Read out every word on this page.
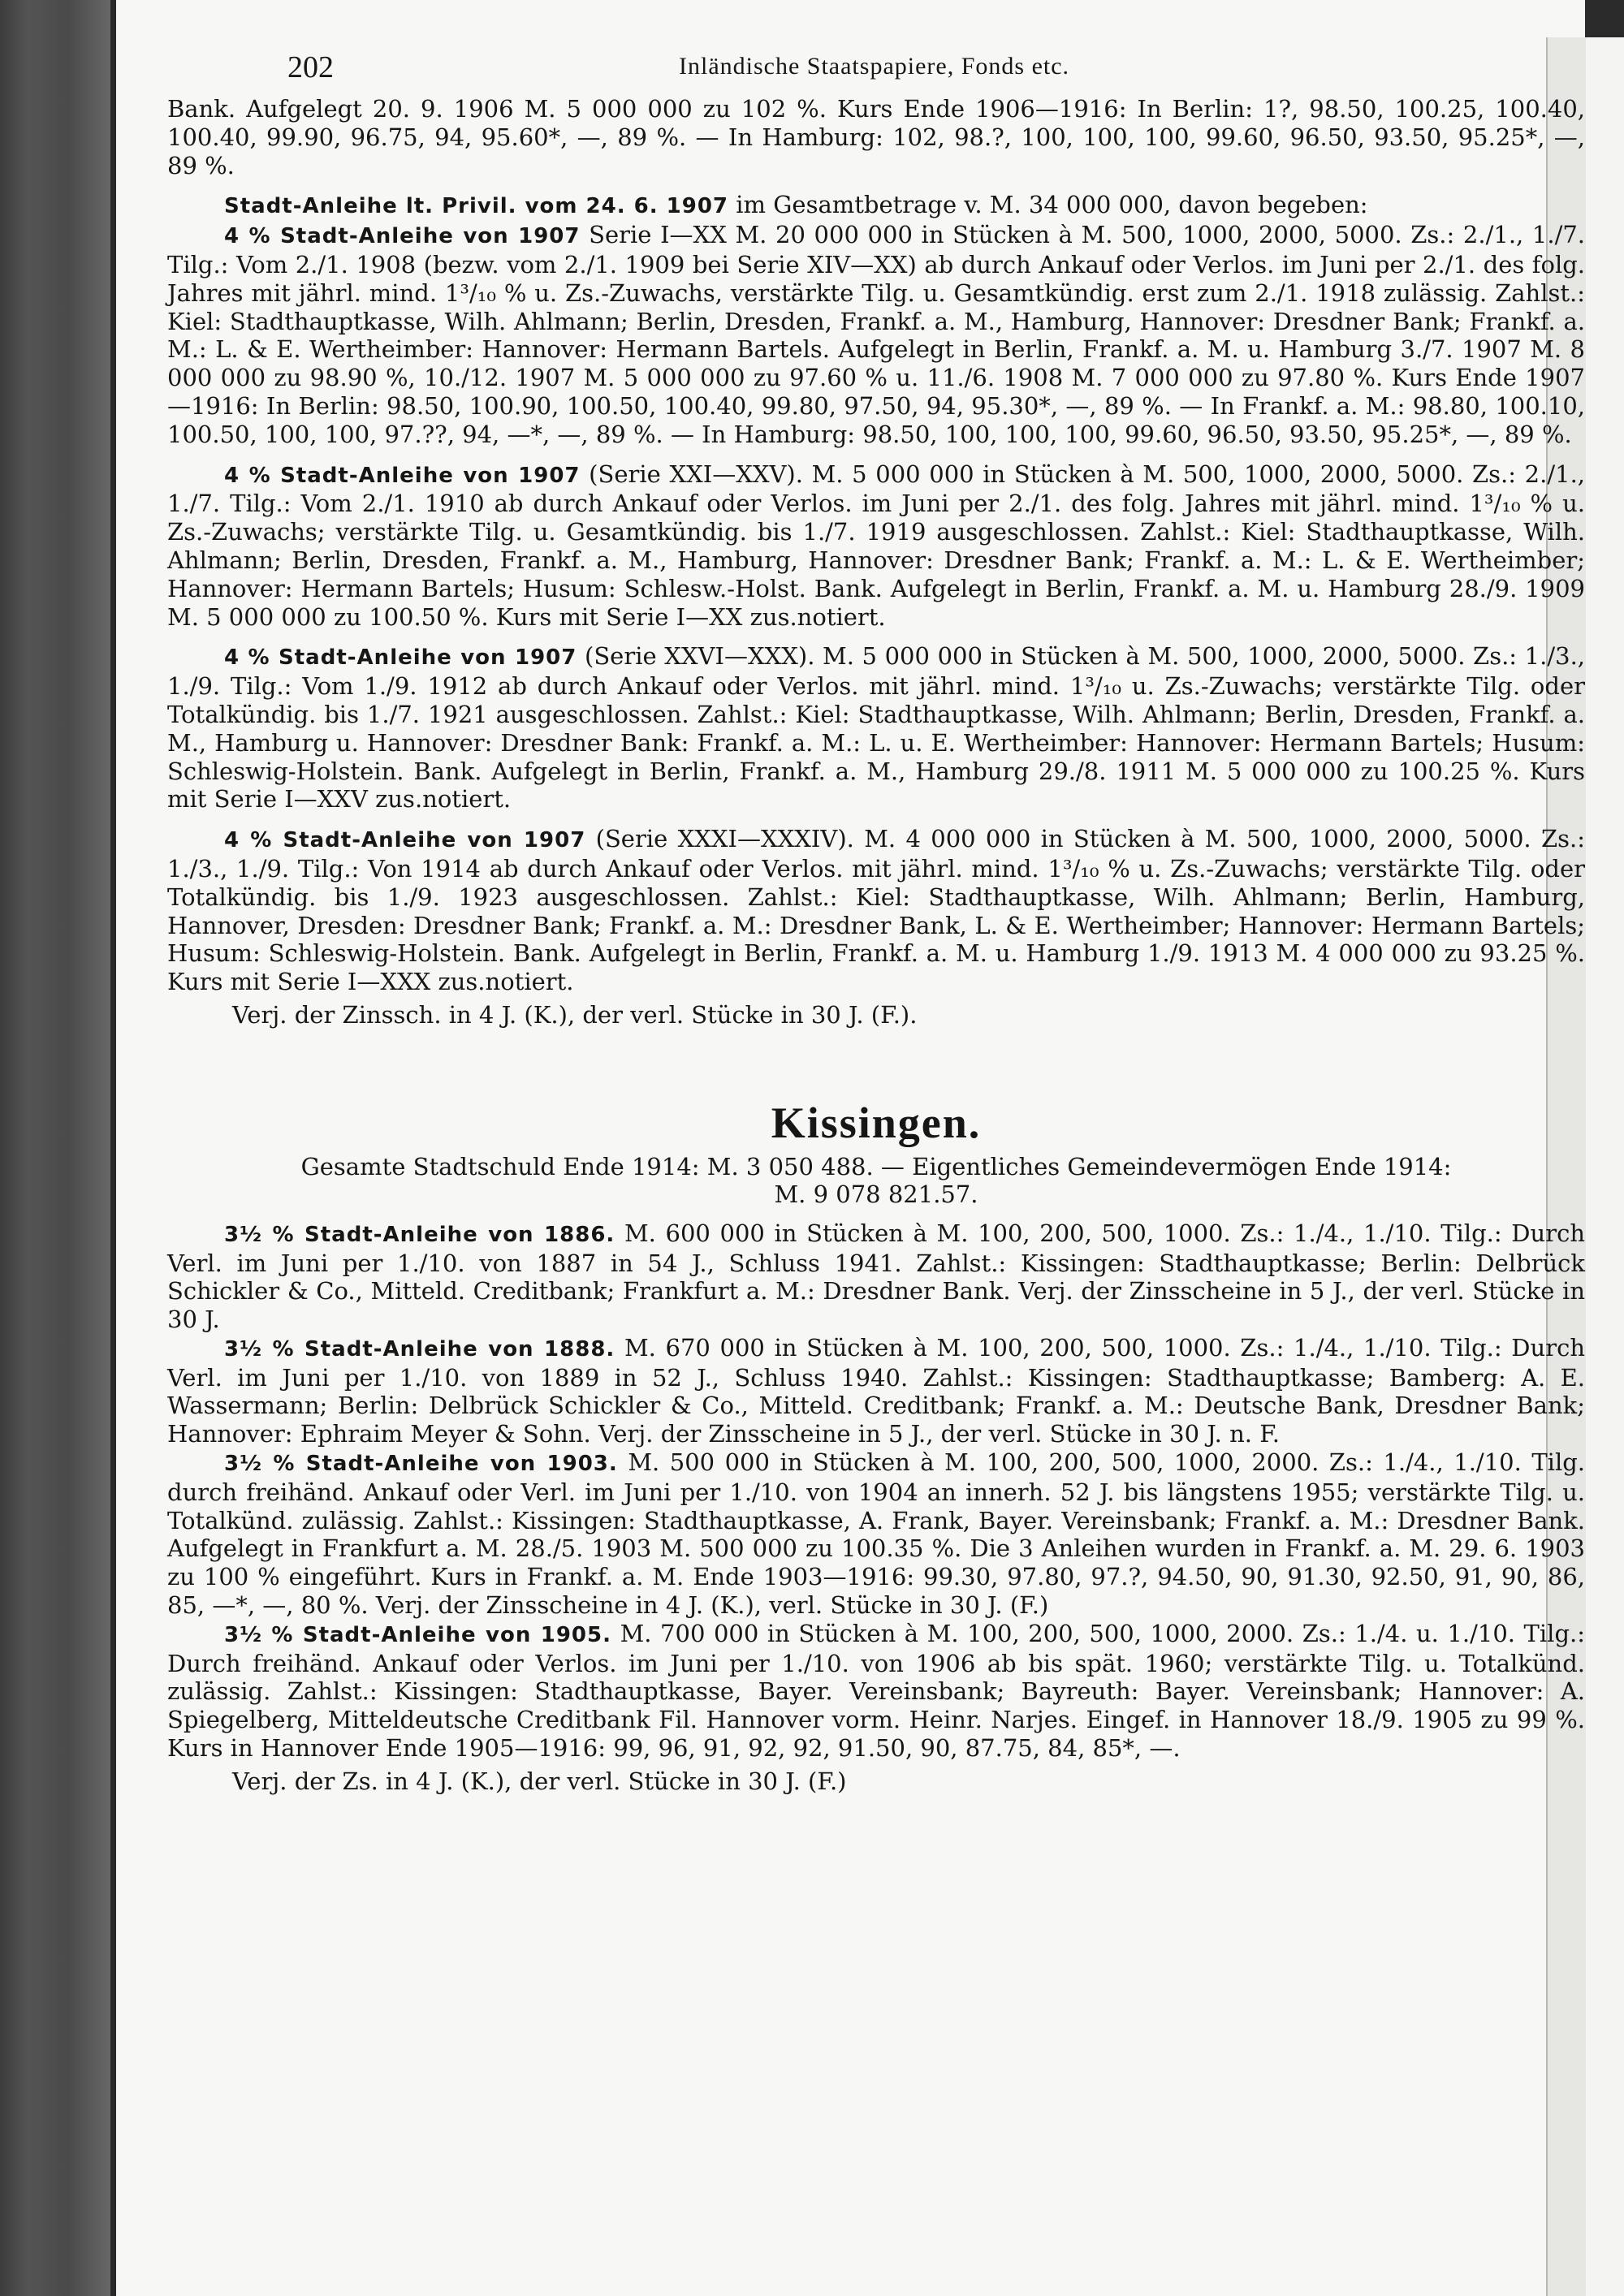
202	Inländische Staatspapiere, Fonds etc.

Bank. Aufgelegt 20. 9. 1906 M. 5 000 000 zu 102 %. Kurs Ende 1906—1916: In Berlin: 1?, 98.50, 100.25, 100.40, 100.40, 99.90, 96.75, 94, 95.60*, —, 89 %. — In Hamburg: 102, 98.?, 100, 100, 100, 99.60, 96.50, 93.50, 95.25*, —, 89 %.

Stadt-Anleihe lt. Privil. vom 24. 6. 1907 im Gesamtbetrage v. M. 34 000 000, davon begeben:

4 % Stadt-Anleihe von 1907 Serie I—XX M. 20 000 000 in Stücken à M. 500, 1000, 2000, 5000. Zs.: 2./1., 1./7. Tilg.: Vom 2./1. 1908 (bezw. vom 2./1. 1909 bei Serie XIV—XX) ab durch Ankauf oder Verlos. im Juni per 2./1. des folg. Jahres mit jährl. mind. 1³/₁₀ % u. Zs.-Zuwachs, verstärkte Tilg. u. Gesamtkündig. erst zum 2./1. 1918 zulässig. Zahlst.: Kiel: Stadthauptkasse, Wilh. Ahlmann; Berlin, Dresden, Frankf. a. M., Hamburg, Hannover: Dresdner Bank; Frankf. a. M.: L. & E. Wertheimber: Hannover: Hermann Bartels. Aufgelegt in Berlin, Frankf. a. M. u. Hamburg 3./7. 1907 M. 8 000 000 zu 98.90 %, 10./12. 1907 M. 5 000 000 zu 97.60 % u. 11./6. 1908 M. 7 000 000 zu 97.80 %. Kurs Ende 1907—1916: In Berlin: 98.50, 100.90, 100.50, 100.40, 99.80, 97.50, 94, 95.30*, —, 89 %. — In Frankf. a. M.: 98.80, 100.10, 100.50, 100, 100, 97.??, 94, —*, —, 89 %. — In Hamburg: 98.50, 100, 100, 100, 99.60, 96.50, 93.50, 95.25*, —, 89 %.

4 % Stadt-Anleihe von 1907 (Serie XXI—XXV). M. 5 000 000 in Stücken à M. 500, 1000, 2000, 5000. Zs.: 2./1., 1./7. Tilg.: Vom 2./1. 1910 ab durch Ankauf oder Verlos. im Juni per 2./1. des folg. Jahres mit jährl. mind. 1³/₁₀ % u. Zs.-Zuwachs; verstärkte Tilg. u. Gesamtkündig. bis 1./7. 1919 ausgeschlossen. Zahlst.: Kiel: Stadthauptkasse, Wilh. Ahlmann; Berlin, Dresden, Frankf. a. M., Hamburg, Hannover: Dresdner Bank; Frankf. a. M.: L. & E. Wertheimber; Hannover: Hermann Bartels; Husum: Schlesw.-Holst. Bank. Aufgelegt in Berlin, Frankf. a. M. u. Hamburg 28./9. 1909 M. 5 000 000 zu 100.50 %. Kurs mit Serie I—XX zus.notiert.

4 % Stadt-Anleihe von 1907 (Serie XXVI—XXX). M. 5 000 000 in Stücken à M. 500, 1000, 2000, 5000. Zs.: 1./3., 1./9. Tilg.: Vom 1./9. 1912 ab durch Ankauf oder Verlos. mit jährl. mind. 1³/₁₀ u. Zs.-Zuwachs; verstärkte Tilg. oder Totalkündig. bis 1./7. 1921 ausgeschlossen. Zahlst.: Kiel: Stadthauptkasse, Wilh. Ahlmann; Berlin, Dresden, Frankf. a. M., Hamburg u. Hannover: Dresdner Bank: Frankf. a. M.: L. u. E. Wertheimber: Hannover: Hermann Bartels; Husum: Schleswig-Holstein. Bank. Aufgelegt in Berlin, Frankf. a. M., Hamburg 29./8. 1911 M. 5 000 000 zu 100.25 %. Kurs mit Serie I—XXV zus.notiert.

4 % Stadt-Anleihe von 1907 (Serie XXXI—XXXIV). M. 4 000 000 in Stücken à M. 500, 1000, 2000, 5000. Zs.: 1./3., 1./9. Tilg.: Von 1914 ab durch Ankauf oder Verlos. mit jährl. mind. 1³/₁₀ % u. Zs.-Zuwachs; verstärkte Tilg. oder Totalkündig. bis 1./9. 1923 ausgeschlossen. Zahlst.: Kiel: Stadthauptkasse, Wilh. Ahlmann; Berlin, Hamburg, Hannover, Dresden: Dresdner Bank; Frankf. a. M.: Dresdner Bank, L. & E. Wertheimber; Hannover: Hermann Bartels; Husum: Schleswig-Holstein. Bank. Aufgelegt in Berlin, Frankf. a. M. u. Hamburg 1./9. 1913 M. 4 000 000 zu 93.25 %. Kurs mit Serie I—XXX zus.notiert.

Verj. der Zinssch. in 4 J. (K.), der verl. Stücke in 30 J. (F.).

Kissingen.

Gesamte Stadtschuld Ende 1914: M. 3 050 488. — Eigentliches Gemeindevermögen Ende 1914:

M. 9 078 821.57.

3½ % Stadt-Anleihe von 1886. M. 600 000 in Stücken à M. 100, 200, 500, 1000. Zs.: 1./4., 1./10. Tilg.: Durch Verl. im Juni per 1./10. von 1887 in 54 J., Schluss 1941. Zahlst.: Kissingen: Stadthauptkasse; Berlin: Delbrück Schickler & Co., Mitteld. Creditbank; Frankfurt a. M.: Dresdner Bank. Verj. der Zinsscheine in 5 J., der verl. Stücke in 30 J.

3½ % Stadt-Anleihe von 1888. M. 670 000 in Stücken à M. 100, 200, 500, 1000. Zs.: 1./4., 1./10. Tilg.: Durch Verl. im Juni per 1./10. von 1889 in 52 J., Schluss 1940. Zahlst.: Kissingen: Stadthauptkasse; Bamberg: A. E. Wassermann; Berlin: Delbrück Schickler & Co., Mitteld. Creditbank; Frankf. a. M.: Deutsche Bank, Dresdner Bank; Hannover: Ephraim Meyer & Sohn. Verj. der Zinsscheine in 5 J., der verl. Stücke in 30 J. n. F.

3½ % Stadt-Anleihe von 1903. M. 500 000 in Stücken à M. 100, 200, 500, 1000, 2000. Zs.: 1./4., 1./10. Tilg. durch freihänd. Ankauf oder Verl. im Juni per 1./10. von 1904 an innerh. 52 J. bis längstens 1955; verstärkte Tilg. u. Totalkünd. zulässig. Zahlst.: Kissingen: Stadthauptkasse, A. Frank, Bayer. Vereinsbank; Frankf. a. M.: Dresdner Bank. Aufgelegt in Frankfurt a. M. 28./5. 1903 M. 500 000 zu 100.35 %. Die 3 Anleihen wurden in Frankf. a. M. 29. 6. 1903 zu 100 % eingeführt. Kurs in Frankf. a. M. Ende 1903—1916: 99.30, 97.80, 97.?, 94.50, 90, 91.30, 92.50, 91, 90, 86, 85, —*, —, 80 %. Verj. der Zinsscheine in 4 J. (K.), verl. Stücke in 30 J. (F.)

3½ % Stadt-Anleihe von 1905. M. 700 000 in Stücken à M. 100, 200, 500, 1000, 2000. Zs.: 1./4. u. 1./10. Tilg.: Durch freihänd. Ankauf oder Verlos. im Juni per 1./10. von 1906 ab bis spät. 1960; verstärkte Tilg. u. Totalkünd. zulässig. Zahlst.: Kissingen: Stadthauptkasse, Bayer. Vereinsbank; Bayreuth: Bayer. Vereinsbank; Hannover: A. Spiegelberg, Mitteldeutsche Creditbank Fil. Hannover vorm. Heinr. Narjes. Eingef. in Hannover 18./9. 1905 zu 99 %. Kurs in Hannover Ende 1905—1916: 99, 96, 91, 92, 92, 91.50, 90, 87.75, 84, 85*, —.

Verj. der Zs. in 4 J. (K.), der verl. Stücke in 30 J. (F.)
